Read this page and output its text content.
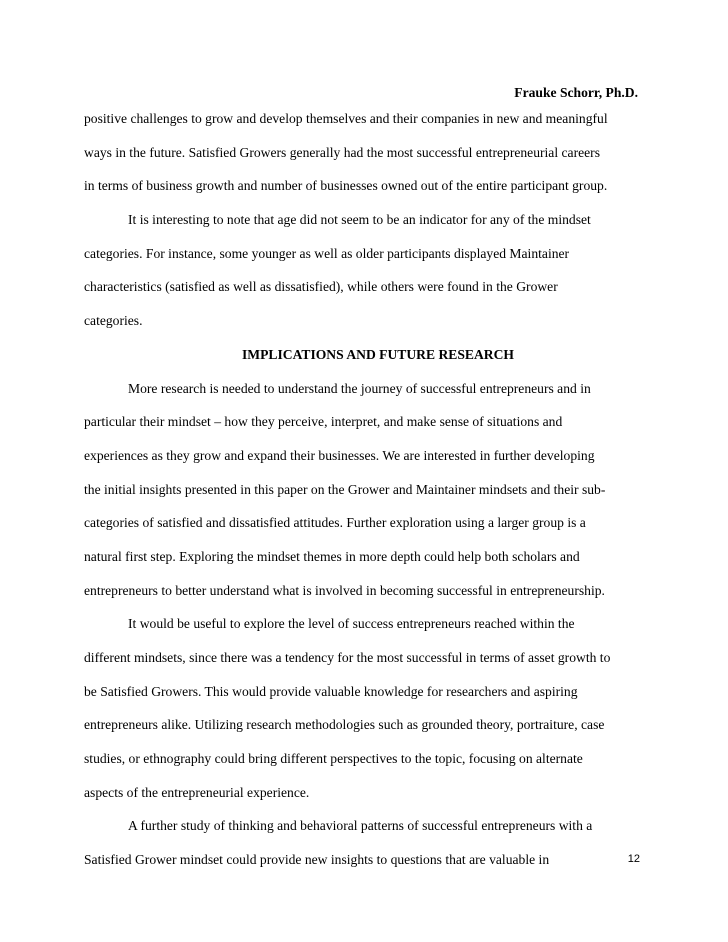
Frauke Schorr, Ph.D.
positive challenges to grow and develop themselves and their companies in new and meaningful
ways in the future. Satisfied Growers generally had the most successful entrepreneurial careers
in terms of business growth and number of businesses owned out of the entire participant group.
It is interesting to note that age did not seem to be an indicator for any of the mindset
categories. For instance, some younger as well as older participants displayed Maintainer
characteristics (satisfied as well as dissatisfied), while others were found in the Grower
categories.
IMPLICATIONS AND FUTURE RESEARCH
More research is needed to understand the journey of successful entrepreneurs and in
particular their mindset – how they perceive, interpret, and make sense of situations and
experiences as they grow and expand their businesses. We are interested in further developing
the initial insights presented in this paper on the Grower and Maintainer mindsets and their sub-
categories of satisfied and dissatisfied attitudes. Further exploration using a larger group is a
natural first step. Exploring the mindset themes in more depth could help both scholars and
entrepreneurs to better understand what is involved in becoming successful in entrepreneurship.
It would be useful to explore the level of success entrepreneurs reached within the
different mindsets, since there was a tendency for the most successful in terms of asset growth to
be Satisfied Growers. This would provide valuable knowledge for researchers and aspiring
entrepreneurs alike. Utilizing research methodologies such as grounded theory, portraiture, case
studies, or ethnography could bring different perspectives to the topic, focusing on alternate
aspects of the entrepreneurial experience.
A further study of thinking and behavioral patterns of successful entrepreneurs with a
Satisfied Grower mindset could provide new insights to questions that are valuable in	12
